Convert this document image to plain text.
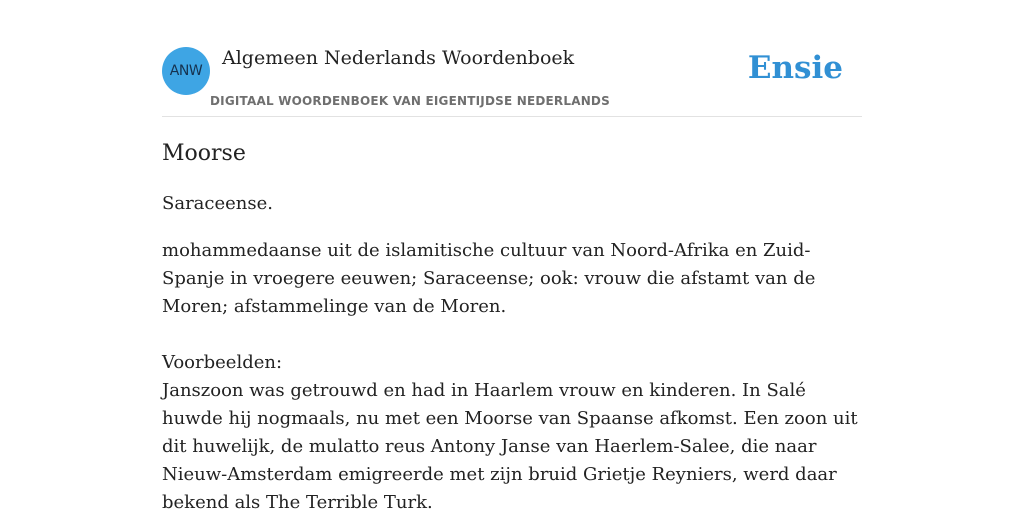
ANW
Algemeen Nederlands Woordenboek
DIGITAAL WOORDENBOEK VAN EIGENTIJDSE NEDERLANDS
Ensie
Moorse

Saraceense.

mohammedaanse uit de islamitische cultuur van Noord-Afrika en Zuid-Spanje in vroegere eeuwen; Saraceense; ook: vrouw die afstamt van de Moren; afstammelinge van de Moren.

Voorbeelden:

Janszoon was getrouwd en had in Haarlem vrouw en kinderen. In Salé huwde hij nogmaals, nu met een Moorse van Spaanse afkomst. Een zoon uit dit huwelijk, de mulatto reus Antony Janse van Haerlem-Salee, die naar Nieuw-Amsterdam emigreerde met zijn bruid Grietje Reyniers, werd daar bekend als The Terrible Turk.
